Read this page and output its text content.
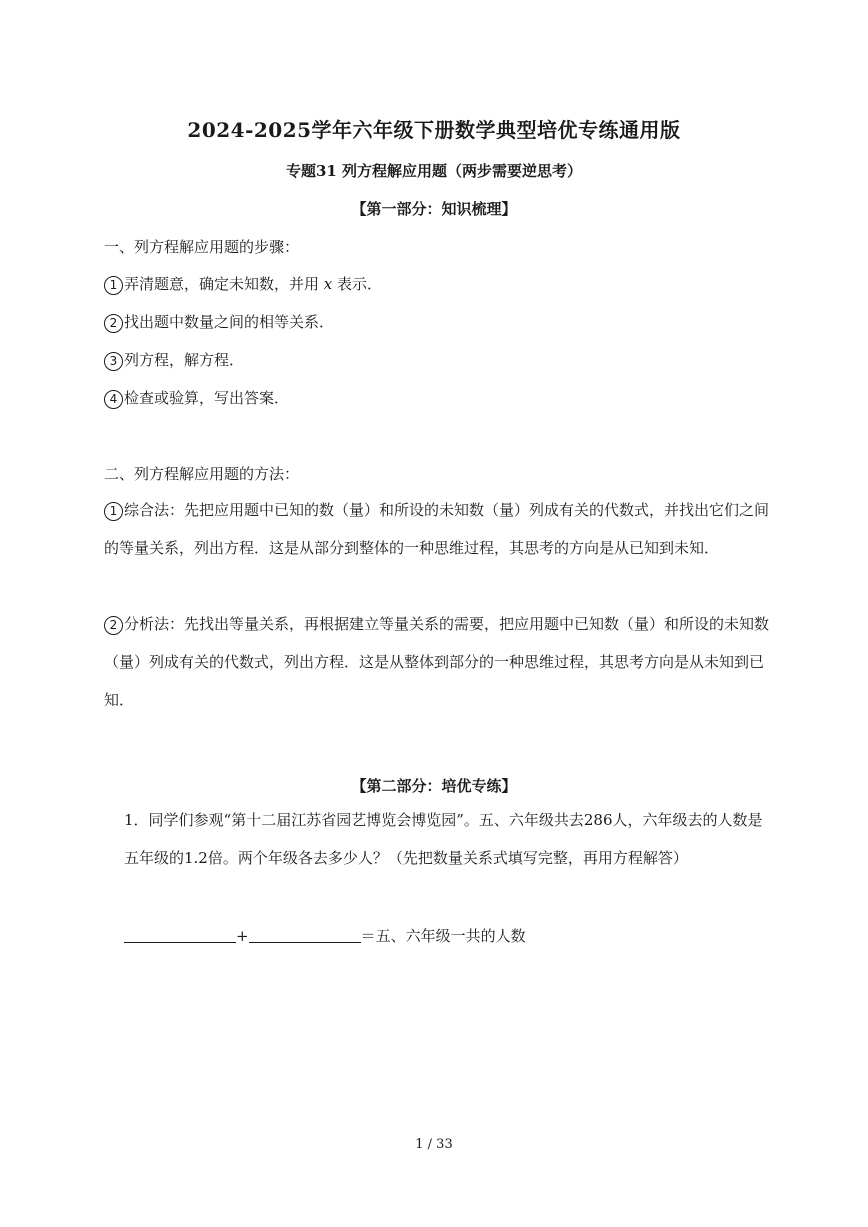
2024-2025学年六年级下册数学典型培优专练通用版
专题31 列方程解应用题（两步需要逆思考）
【第一部分：知识梳理】
一、列方程解应用题的步骤：
1 弄清题意，确定未知数，并用 x 表示．
2 找出题中数量之间的相等关系．
3 列方程，解方程．
4 检查或验算，写出答案．
二、列方程解应用题的方法：
1 综合法：先把应用题中已知的数（量）和所设的未知数（量）列成有关的代数式，并找出它们之间的等量关系，列出方程．这是从部分到整体的一种思维过程，其思考的方向是从已知到未知．
2 分析法：先找出等量关系，再根据建立等量关系的需要，把应用题中已知数（量）和所设的未知数（量）列成有关的代数式，列出方程．这是从整体到部分的一种思维过程，其思考方向是从未知到已知．
【第二部分：培优专练】
1．同学们参观“第十二届江苏省园艺博览会博览园”。五、六年级共去286人，六年级去的人数是五年级的1.2倍。两个年级各去多少人？（先把数量关系式填写完整，再用方程解答）
+	＝五、六年级一共的人数
1 / 33
